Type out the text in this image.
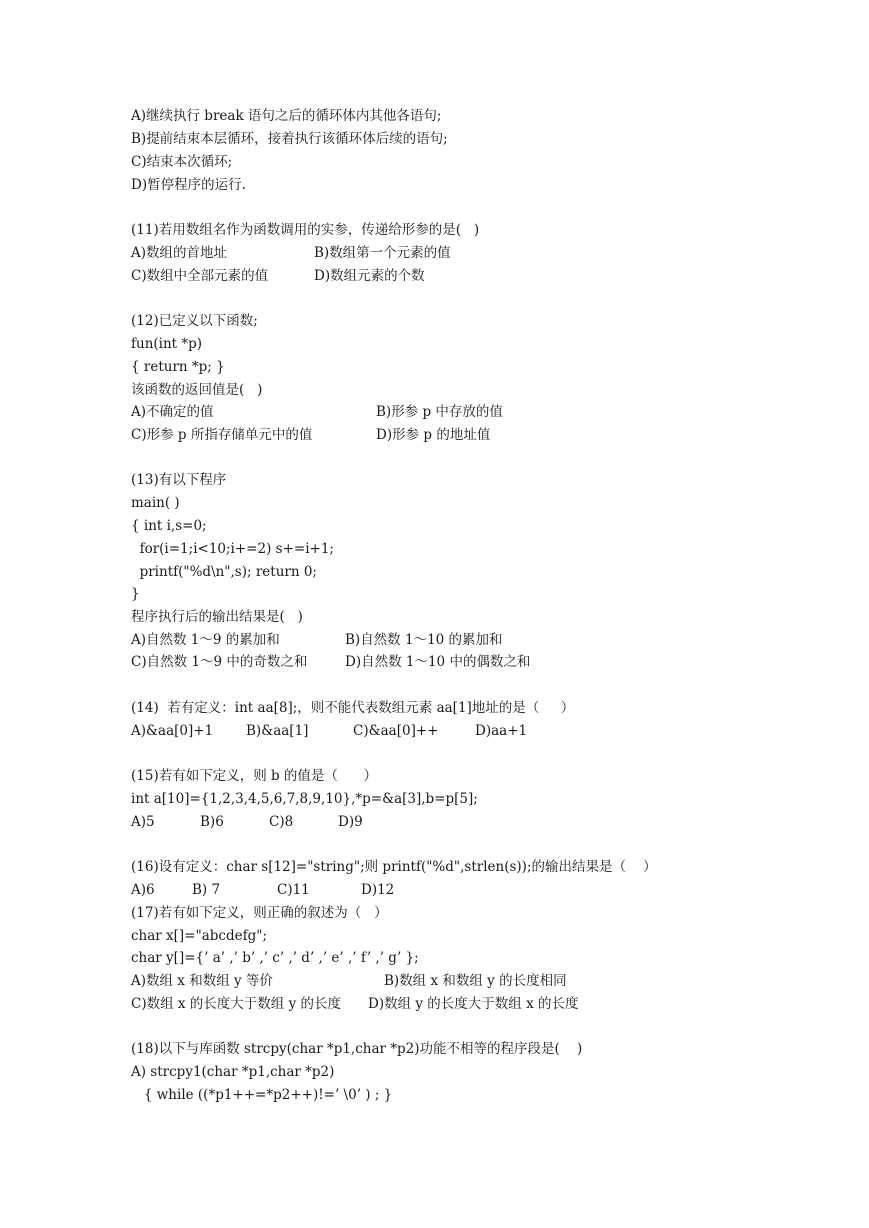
A)继续执行 break 语句之后的循环体内其他各语句;
B)提前结束本层循环，接着执行该循环体后续的语句;
C)结束本次循环;
D)暂停程序的运行.
(11)若用数组名作为函数调用的实参，传递给形参的是(   )
A)数组的首地址	B)数组第一个元素的值
C)数组中全部元素的值	D)数组元素的个数
(12)已定义以下函数;
fun(int *p)
{ return *p; }
该函数的返回值是(   )
A)不确定的值	B)形参 p 中存放的值
C)形参 p 所指存储单元中的值	D)形参 p 的地址值
(13)有以下程序
main( )
{ int i,s=0;
for(i=1;i<10;i+=2) s+=i+1;
printf("%d\n",s); return 0;
}
程序执行后的输出结果是(   )
A)自然数 1～9 的累加和	B)自然数 1～10 的累加和
C)自然数 1～9 中的奇数之和	D)自然数 1～10 中的偶数之和
(14)  若有定义：int aa[8];，则不能代表数组元素 aa[1]地址的是（     ）
A)&aa[0]+1 B)&aa[1]	C)&aa[0]++	D)aa+1
(15)若有如下定义，则 b 的值是（      ）
int a[10]={1,2,3,4,5,6,7,8,9,10},*p=&a[3],b=p[5];
A)5	B)6	C)8	D)9
(16)设有定义：char s[12]="string";则 printf("%d",strlen(s));的输出结果是（    ）
A)6	B) 7	C)11	D)12
(17)若有如下定义，则正确的叙述为（   ）
char x[]="abcdefg";
char y[]={’ a’ ,’ b’ ,’ c’ ,’ d’ ,’ e’ ,’ f’ ,’ g’ };
A)数组 x 和数组 y 等价	B)数组 x 和数组 y 的长度相同
C)数组 x 的长度大于数组 y 的长度 D)数组 y 的长度大于数组 x 的长度
(18)以下与库函数 strcpy(char *p1,char *p2)功能不相等的程序段是(    )
A) strcpy1(char *p1,char *p2)
{ while ((*p1++=*p2++)!=’ \0’ ) ; }
